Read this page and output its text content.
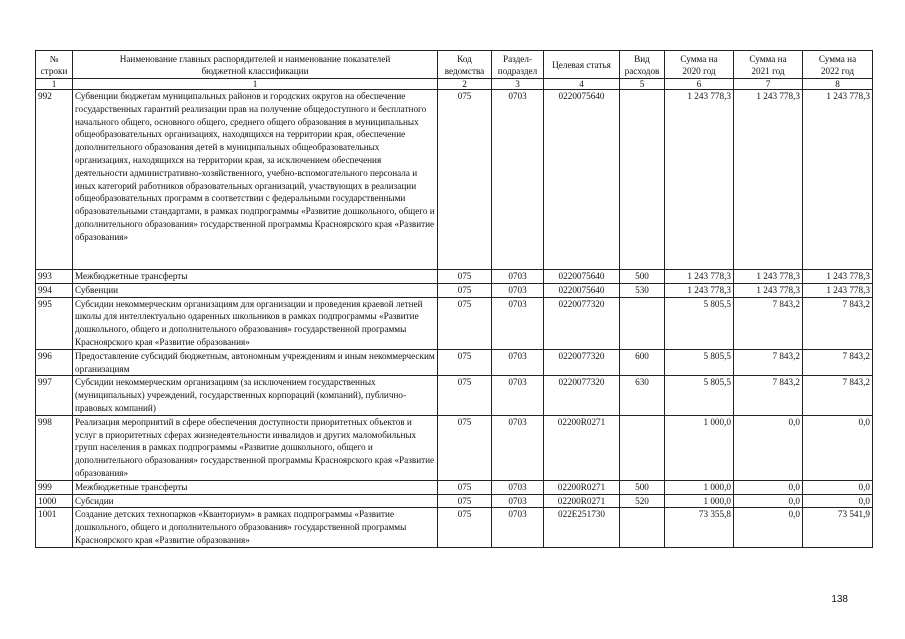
№ строки	Наименование главных распорядителей и наименование показателей бюджетной классификации	Код ведомства	Раздел-подраздел	Целевая статья	Вид расходов	Сумма на 2020 год	Сумма на 2021 год	Сумма на 2022 год
1	1	2	3	4	5	6	7	8
992	Субвенции бюджетам муниципальных районов и городских округов на обеспечение государственных гарантий реализации прав на получение общедоступного и бесплатного начального общего, основного общего, среднего общего образования в муниципальных общеобразовательных организациях, находящихся на территории края, обеспечение дополнительного образования детей в муниципальных общеобразовательных организациях, находящихся на территории края, за исключением обеспечения деятельности административно-хозяйственного, учебно-вспомогательного персонала и иных категорий работников образовательных организаций, участвующих в реализации общеобразовательных программ в соответствии с федеральными государственными образовательными стандартами, в рамках подпрограммы «Развитие дошкольного, общего и дополнительного образования» государственной программы Красноярского края «Развитие образования»	075	0703	0220075640		1 243 778,3	1 243 778,3	1 243 778,3
993	Межбюджетные трансферты	075	0703	0220075640	500	1 243 778,3	1 243 778,3	1 243 778,3
994	Субвенции	075	0703	0220075640	530	1 243 778,3	1 243 778,3	1 243 778,3
995	Субсидии некоммерческим организациям для организации и проведения краевой летней школы для интеллектуально одаренных школьников в рамках подпрограммы «Развитие дошкольного, общего и дополнительного образования» государственной программы Красноярского края «Развитие образования»	075	0703	0220077320		5 805,5	7 843,2	7 843,2
996	Предоставление субсидий бюджетным, автономным учреждениям и иным некоммерческим организациям	075	0703	0220077320	600	5 805,5	7 843,2	7 843,2
997	Субсидии некоммерческим организациям (за исключением государственных (муниципальных) учреждений, государственных корпораций (компаний), публично-правовых компаний)	075	0703	0220077320	630	5 805,5	7 843,2	7 843,2
998	Реализация мероприятий в сфере обеспечения доступности приоритетных объектов и услуг в приоритетных сферах жизнедеятельности инвалидов и других маломобильных групп населения в рамках подпрограммы «Развитие дошкольного, общего и дополнительного образования» государственной программы Красноярского края «Развитие образования»	075	0703	02200R0271		1 000,0	0,0	0,0
999	Межбюджетные трансферты	075	0703	02200R0271	500	1 000,0	0,0	0,0
1000	Субсидии	075	0703	02200R0271	520	1 000,0	0,0	0,0
1001	Создание детских технопарков «Кванториум» в рамках подпрограммы «Развитие дошкольного, общего и дополнительного образования» государственной программы Красноярского края «Развитие образования»	075	0703	022E251730		73 355,8	0,0	73 541,9
138
